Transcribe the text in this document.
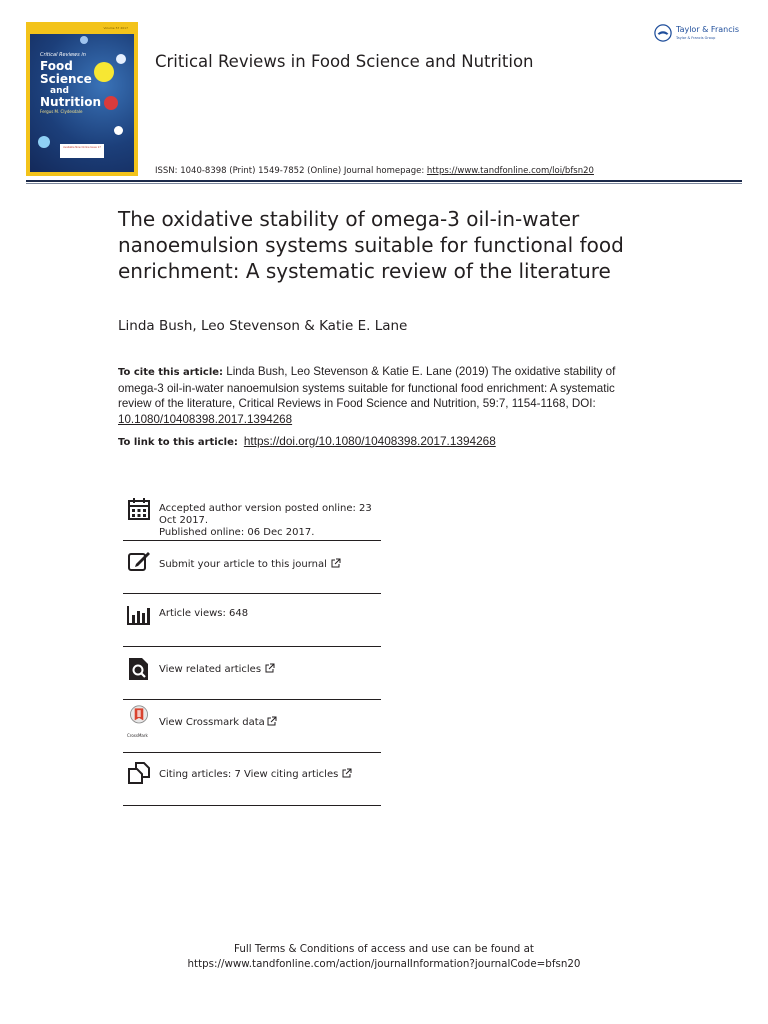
Volume 57 2017
Critical Reviews in
Food
Science

and
Nutrition
Fergus M. Clydesdale
Available Now Online Issue 17
Critical Reviews in Food Science and Nutrition
Taylor & Francis
Taylor & Francis Group
ISSN: 1040-8398 (Print) 1549-7852 (Online) Journal homepage: https://www.tandfonline.com/loi/bfsn20
The oxidative stability of omega-3 oil-in-water nanoemulsion systems suitable for functional food enrichment: A systematic review of the literature
Linda Bush, Leo Stevenson & Katie E. Lane
To cite this article: Linda Bush, Leo Stevenson & Katie E. Lane (2019) The oxidative stability of omega-3 oil-in-water nanoemulsion systems suitable for functional food enrichment: A systematic review of the literature, Critical Reviews in Food Science and Nutrition, 59:7, 1154-1168, DOI: 10.1080/10408398.2017.1394268
To link to this article: https://doi.org/10.1080/10408398.2017.1394268
Accepted author version posted online: 23 Oct 2017.
Published online: 06 Dec 2017.
Submit your article to this journal
Article views: 648
View related articles
CrossMark
View Crossmark data
Citing articles: 7 View citing articles
Full Terms & Conditions of access and use can be found at
https://www.tandfonline.com/action/journalInformation?journalCode=bfsn20
